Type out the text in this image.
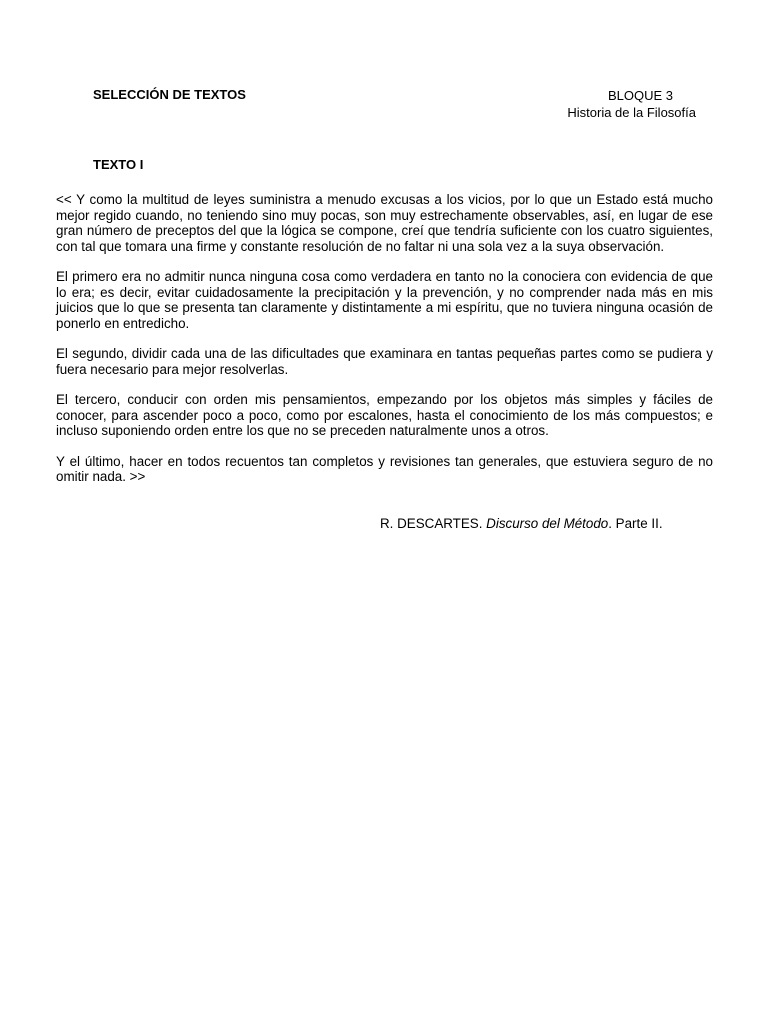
SELECCIÓN DE TEXTOS	BLOQUE 3
Historia de la Filosofía
TEXTO I

<< Y como la multitud de leyes suministra a menudo excusas a los vicios, por lo que un Estado está mucho mejor regido cuando, no teniendo sino muy pocas, son muy estrechamente observables, así, en lugar de ese gran número de preceptos del que la lógica se compone, creí que tendría suficiente con los cuatro siguientes, con tal que tomara una firme y constante resolución de no faltar ni una sola vez a la suya observación.

El primero era no admitir nunca ninguna cosa como verdadera en tanto no la conociera con evidencia de que lo era; es decir, evitar cuidadosamente la precipitación y la prevención, y no comprender nada más en mis juicios que lo que se presenta tan claramente y distintamente a mi espíritu, que no tuviera ninguna ocasión de ponerlo en entredicho.

El segundo, dividir cada una de las dificultades que examinara en tantas pequeñas partes como se pudiera y fuera necesario para mejor resolverlas.

El tercero, conducir con orden mis pensamientos, empezando por los objetos más simples y fáciles de conocer, para ascender poco a poco, como por escalones, hasta el conocimiento de los más compuestos; e incluso suponiendo orden entre los que no se preceden naturalmente unos a otros.

Y el último, hacer en todos recuentos tan completos y revisiones tan generales, que estuviera seguro de no omitir nada. >>

R. DESCARTES. Discurso del Método. Parte II.
